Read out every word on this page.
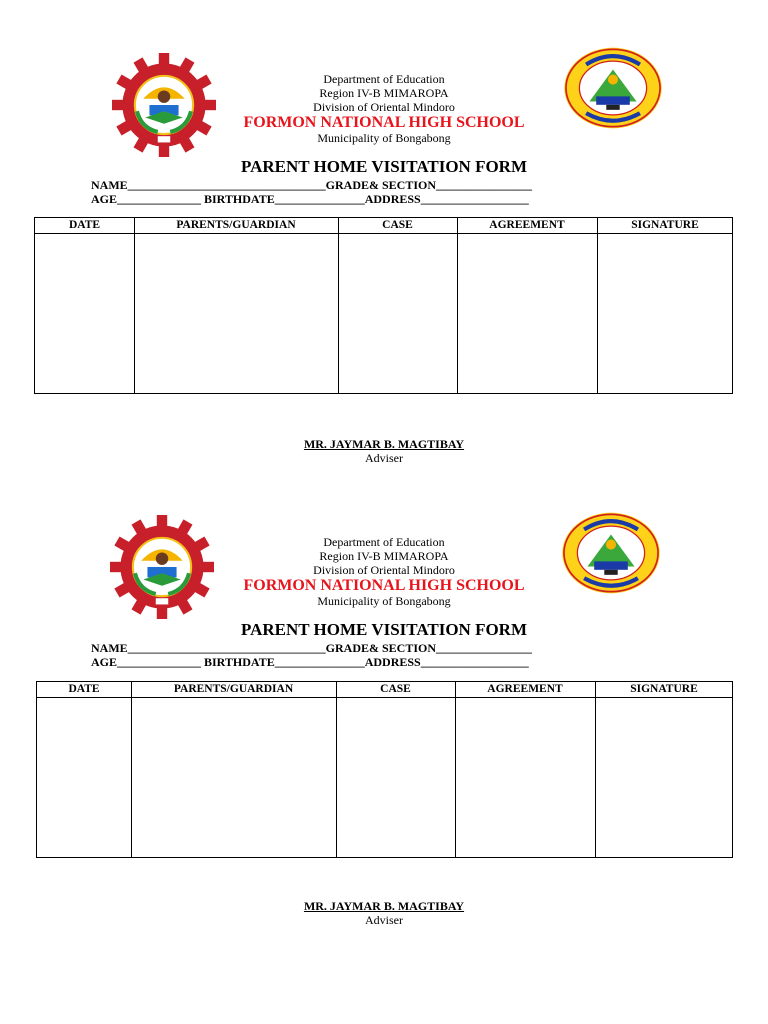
Department of Education
Region IV-B MIMAROPA
Division of Oriental Mindoro
FORMON NATIONAL HIGH SCHOOL
Municipality of Bongabong
PARENT HOME VISITATION FORM
NAME_________________________________GRADE& SECTION________________
AGE______________ BIRTHDATE_______________ADDRESS__________________
DATE	PARENTS/GUARDIAN	CASE	AGREEMENT	SIGNATURE
MR. JAYMAR B. MAGTIBAY
Adviser
Department of Education
Region IV-B MIMAROPA
Division of Oriental Mindoro
FORMON NATIONAL HIGH SCHOOL
Municipality of Bongabong
PARENT HOME VISITATION FORM
NAME_________________________________GRADE& SECTION________________
AGE______________ BIRTHDATE_______________ADDRESS__________________
DATE	PARENTS/GUARDIAN	CASE	AGREEMENT	SIGNATURE
MR. JAYMAR B. MAGTIBAY
Adviser
